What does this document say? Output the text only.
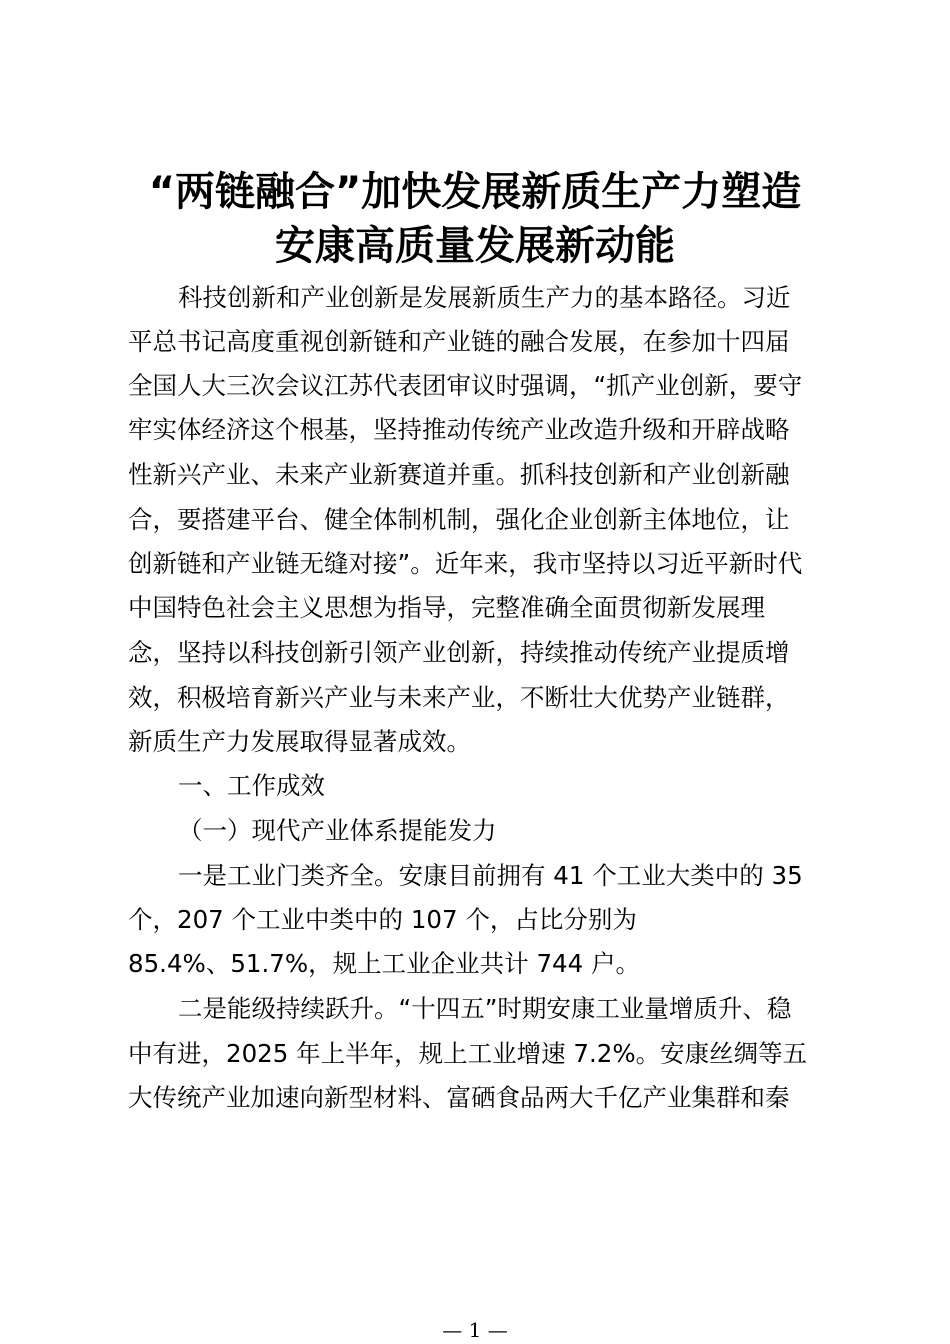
“两链融合”加快发展新质生产力塑造
安康高质量发展新动能
科技创新和产业创新是发展新质生产力的基本路径。习近
平总书记高度重视创新链和产业链的融合发展，在参加十四届
全国人大三次会议江苏代表团审议时强调，“抓产业创新，要守
牢实体经济这个根基，坚持推动传统产业改造升级和开辟战略
性新兴产业、未来产业新赛道并重。抓科技创新和产业创新融
合，要搭建平台、健全体制机制，强化企业创新主体地位，让
创新链和产业链无缝对接”。近年来，我市坚持以习近平新时代
中国特色社会主义思想为指导，完整准确全面贯彻新发展理
念，坚持以科技创新引领产业创新，持续推动传统产业提质增
效，积极培育新兴产业与未来产业，不断壮大优势产业链群，
新质生产力发展取得显著成效。
一、工作成效
（一）现代产业体系提能发力
一是工业门类齐全。安康目前拥有 41 个工业大类中的 35
个，207 个工业中类中的 107 个，占比分别为
85.4%、51.7%，规上工业企业共计 744 户。
二是能级持续跃升。“十四五”时期安康工业量增质升、稳
中有进，2025 年上半年，规上工业增速 7.2%。安康丝绸等五
大传统产业加速向新型材料、富硒食品两大千亿产业集群和秦
— 1 —
